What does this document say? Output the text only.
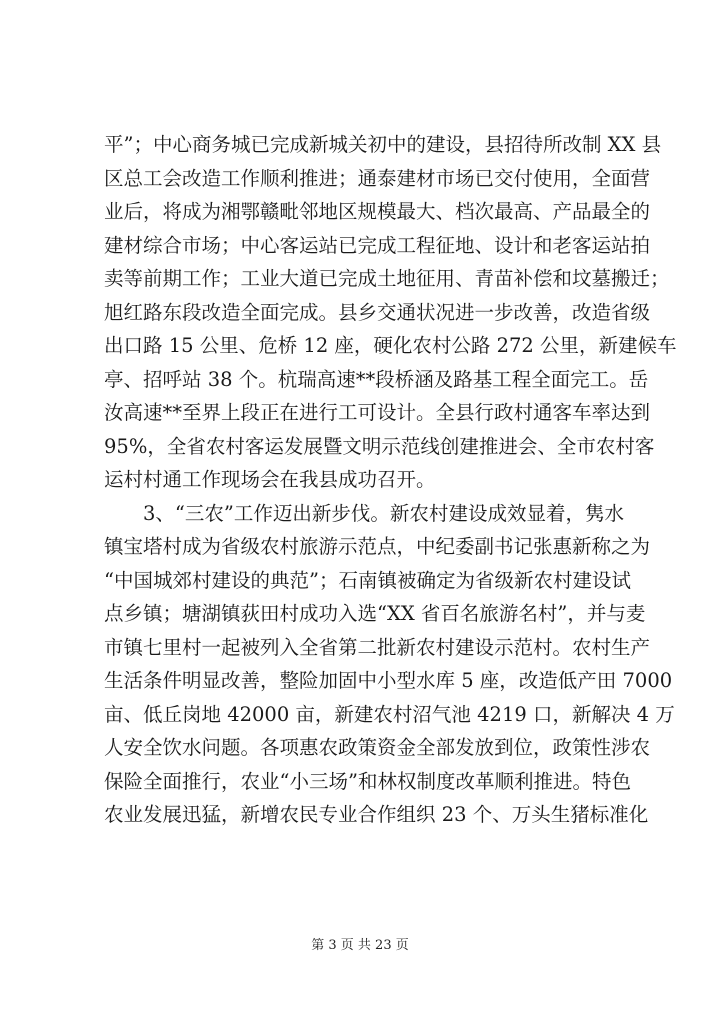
平”；中心商务城已完成新城关初中的建设，县招待所改制 XX 县
区总工会改造工作顺利推进；通泰建材市场已交付使用，全面营
业后，将成为湘鄂赣毗邻地区规模最大、档次最高、产品最全的
建材综合市场；中心客运站已完成工程征地、设计和老客运站拍
卖等前期工作；工业大道已完成土地征用、青苗补偿和坟墓搬迁；
旭红路东段改造全面完成。县乡交通状况进一步改善，改造省级
出口路 15 公里、危桥 12 座，硬化农村公路 272 公里，新建候车
亭、招呼站 38 个。杭瑞高速**段桥涵及路基工程全面完工。岳
汝高速**至界上段正在进行工可设计。全县行政村通客车率达到
95%，全省农村客运发展暨文明示范线创建推进会、全市农村客
运村村通工作现场会在我县成功召开。
3、“三农”工作迈出新步伐。新农村建设成效显着，隽水
镇宝塔村成为省级农村旅游示范点，中纪委副书记张惠新称之为
“中国城郊村建设的典范”；石南镇被确定为省级新农村建设试
点乡镇；塘湖镇荻田村成功入选“XX 省百名旅游名村”，并与麦
市镇七里村一起被列入全省第二批新农村建设示范村。农村生产
生活条件明显改善，整险加固中小型水库 5 座，改造低产田 7000
亩、低丘岗地 42000 亩，新建农村沼气池 4219 口，新解决 4 万
人安全饮水问题。各项惠农政策资金全部发放到位，政策性涉农
保险全面推行，农业“小三场”和林权制度改革顺利推进。特色
农业发展迅猛，新增农民专业合作组织 23 个、万头生猪标准化
第 3 页 共 23 页
